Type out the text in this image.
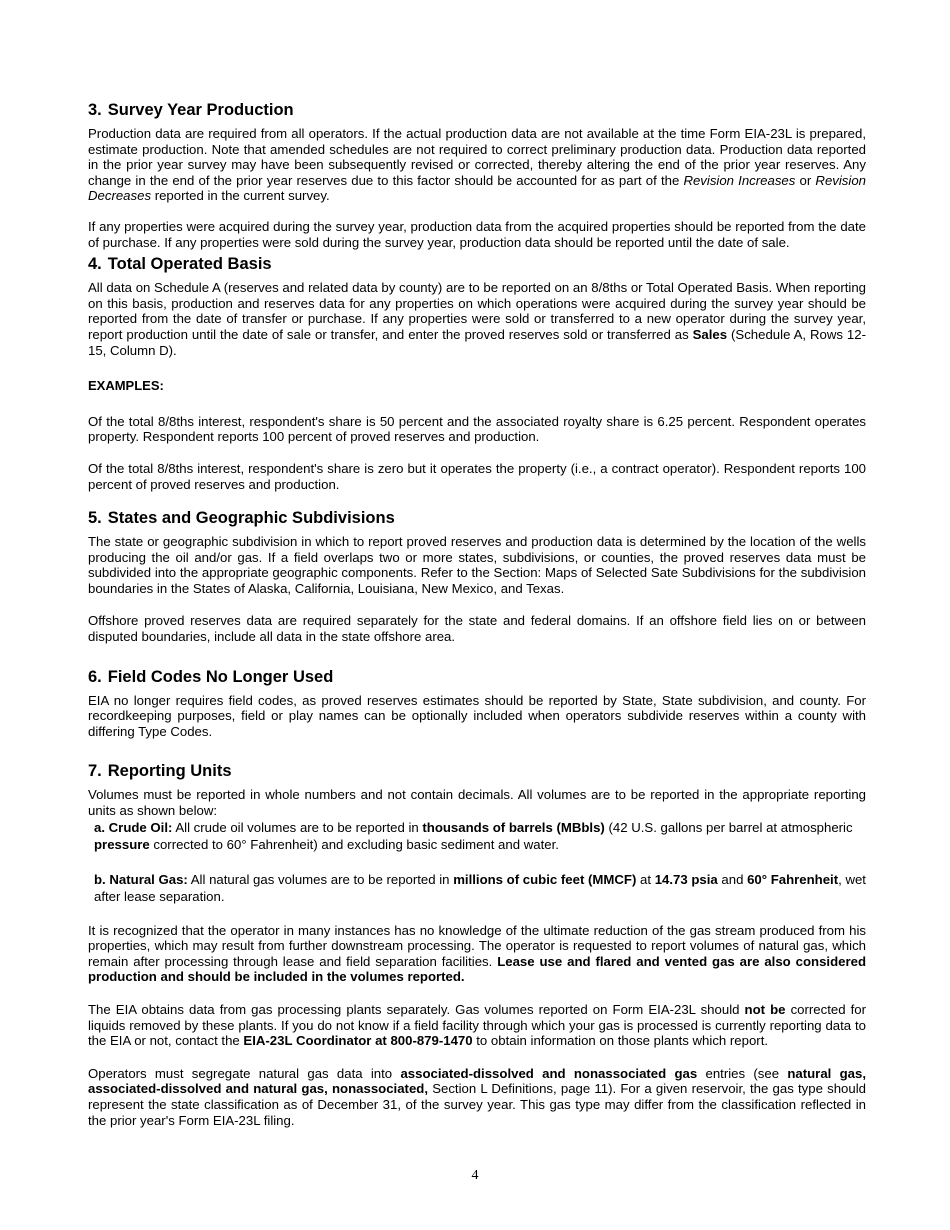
3. Survey Year Production

Production data are required from all operators. If the actual production data are not available at the time Form EIA-23L is prepared, estimate production. Note that amended schedules are not required to correct preliminary production data. Production data reported in the prior year survey may have been subsequently revised or corrected, thereby altering the end of the prior year reserves. Any change in the end of the prior year reserves due to this factor should be accounted for as part of the Revision Increases or Revision Decreases reported in the current survey.

If any properties were acquired during the survey year, production data from the acquired properties should be reported from the date of purchase. If any properties were sold during the survey year, production data should be reported until the date of sale.

4. Total Operated Basis

All data on Schedule A (reserves and related data by county) are to be reported on an 8/8ths or Total Operated Basis. When reporting on this basis, production and reserves data for any properties on which operations were acquired during the survey year should be reported from the date of transfer or purchase. If any properties were sold or transferred to a new operator during the survey year, report production until the date of sale or transfer, and enter the proved reserves sold or transferred as Sales (Schedule A, Rows 12-15, Column D).

EXAMPLES:

Of the total 8/8ths interest, respondent's share is 50 percent and the associated royalty share is 6.25 percent. Respondent operates property. Respondent reports 100 percent of proved reserves and production.

Of the total 8/8ths interest, respondent's share is zero but it operates the property (i.e., a contract operator). Respondent reports 100 percent of proved reserves and production.

5. States and Geographic Subdivisions

The state or geographic subdivision in which to report proved reserves and production data is determined by the location of the wells producing the oil and/or gas. If a field overlaps two or more states, subdivisions, or counties, the proved reserves data must be subdivided into the appropriate geographic components. Refer to the Section: Maps of Selected Sate Subdivisions for the subdivision boundaries in the States of Alaska, California, Louisiana, New Mexico, and Texas.

Offshore proved reserves data are required separately for the state and federal domains. If an offshore field lies on or between disputed boundaries, include all data in the state offshore area.

6. Field Codes No Longer Used

EIA no longer requires field codes, as proved reserves estimates should be reported by State, State subdivision, and county. For recordkeeping purposes, field or play names can be optionally included when operators subdivide reserves within a county with differing Type Codes.

7. Reporting Units

Volumes must be reported in whole numbers and not contain decimals. All volumes are to be reported in the appropriate reporting units as shown below:

a. Crude Oil: All crude oil volumes are to be reported in thousands of barrels (MBbls) (42 U.S. gallons per barrel at atmospheric pressure corrected to 60° Fahrenheit) and excluding basic sediment and water.

b. Natural Gas: All natural gas volumes are to be reported in millions of cubic feet (MMCF) at 14.73 psia and 60° Fahrenheit, wet after lease separation.

It is recognized that the operator in many instances has no knowledge of the ultimate reduction of the gas stream produced from his properties, which may result from further downstream processing. The operator is requested to report volumes of natural gas, which remain after processing through lease and field separation facilities. Lease use and flared and vented gas are also considered production and should be included in the volumes reported.

The EIA obtains data from gas processing plants separately. Gas volumes reported on Form EIA-23L should not be corrected for liquids removed by these plants. If you do not know if a field facility through which your gas is processed is currently reporting data to the EIA or not, contact the EIA-23L Coordinator at 800-879-1470 to obtain information on those plants which report.

Operators must segregate natural gas data into associated-dissolved and nonassociated gas entries (see natural gas, associated-dissolved and natural gas, nonassociated, Section L Definitions, page 11). For a given reservoir, the gas type should represent the state classification as of December 31, of the survey year. This gas type may differ from the classification reflected in the prior year's Form EIA-23L filing.

4
